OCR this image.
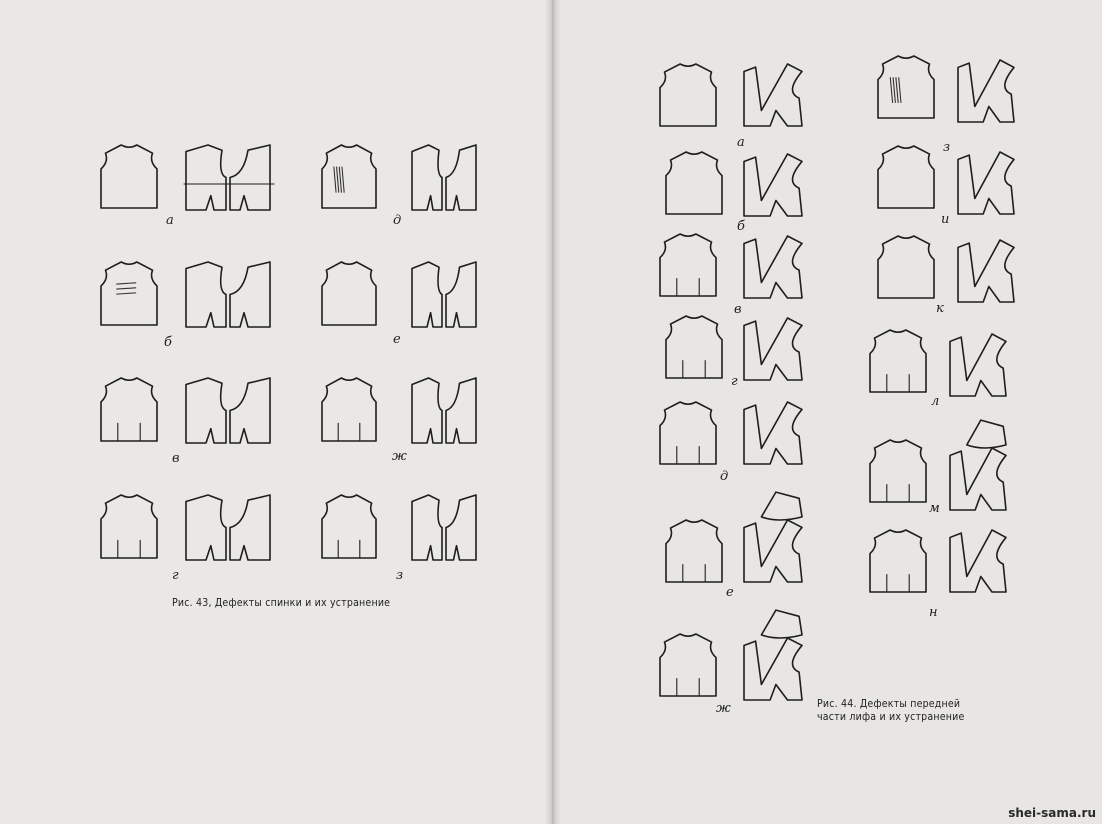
а
б
в
г
д
е
ж
з
Рис. 43, Дефекты спинки и их устранение
а
б
в
г
д
е
ж
з
и
к
л
м
н
Рис. 44. Дефекты передней
части лифа и их устранение
shei-sama.ru
